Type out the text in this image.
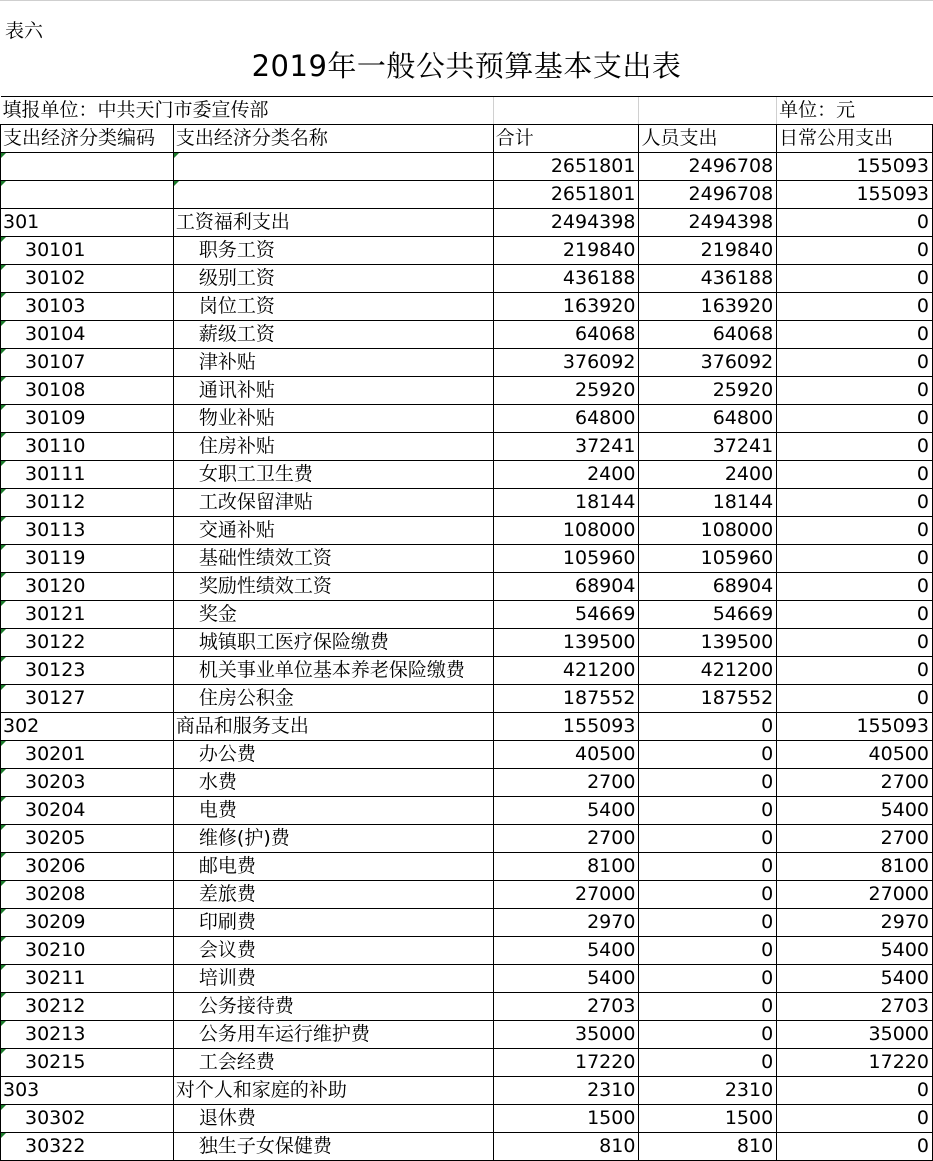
表六
2019年一般公共预算基本支出表
填报单位：中共天门市委宣传部				单位：元
支出经济分类编码	支出经济分类名称	合计	人员支出	日常公用支出
		2651801	2496708	155093
		2651801	2496708	155093
301	工资福利支出	2494398	2494398	0
30101	职务工资	219840	219840	0
30102	级别工资	436188	436188	0
30103	岗位工资	163920	163920	0
30104	薪级工资	64068	64068	0
30107	津补贴	376092	376092	0
30108	通讯补贴	25920	25920	0
30109	物业补贴	64800	64800	0
30110	住房补贴	37241	37241	0
30111	女职工卫生费	2400	2400	0
30112	工改保留津贴	18144	18144	0
30113	交通补贴	108000	108000	0
30119	基础性绩效工资	105960	105960	0
30120	奖励性绩效工资	68904	68904	0
30121	奖金	54669	54669	0
30122	城镇职工医疗保险缴费	139500	139500	0
30123	机关事业单位基本养老保险缴费	421200	421200	0
30127	住房公积金	187552	187552	0
302	商品和服务支出	155093	0	155093
30201	办公费	40500	0	40500
30203	水费	2700	0	2700
30204	电费	5400	0	5400
30205	维修(护)费	2700	0	2700
30206	邮电费	8100	0	8100
30208	差旅费	27000	0	27000
30209	印刷费	2970	0	2970
30210	会议费	5400	0	5400
30211	培训费	5400	0	5400
30212	公务接待费	2703	0	2703
30213	公务用车运行维护费	35000	0	35000
30215	工会经费	17220	0	17220
303	对个人和家庭的补助	2310	2310	0
30302	退休费	1500	1500	0
30322	独生子女保健费	810	810	0
